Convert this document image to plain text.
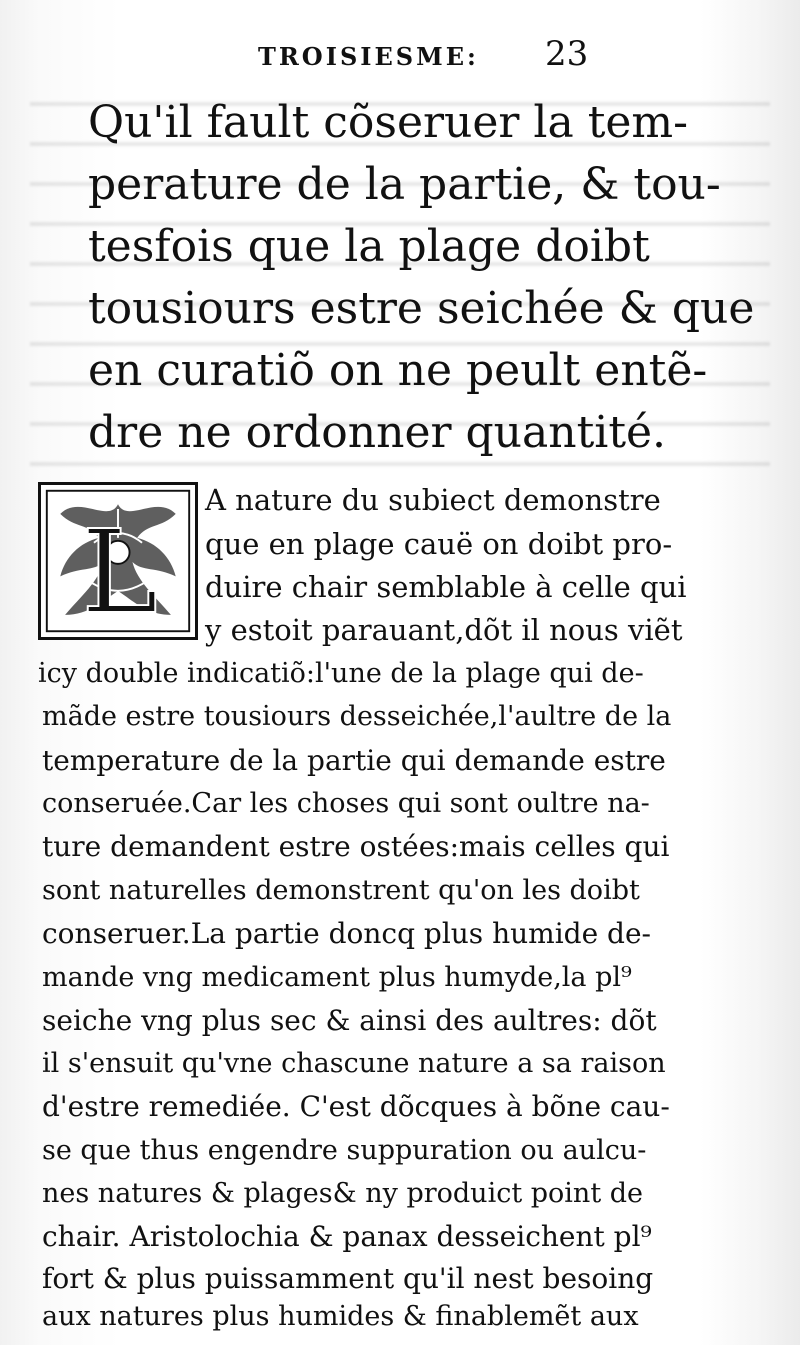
TROISIESME: 23
Qu'il fault cõseruer la tem-
perature de la partie, & tou-
tesfois que la plage doibt
tousiours estre seichée & que
en curatiõ on ne peult entẽ-
dre ne ordonner quantité.
L
A nature du subiect demonstre
que en plage cauë on doibt pro-
duire chair semblable à celle qui
y estoit parauant,dõt il nous viẽt
icy double indicatiõ:l'une de la plage qui de-
mãde estre tousiours desseichée,l'aultre de la
temperature de la partie qui demande estre
conseruée.Car les choses qui sont oultre na-
ture demandent estre ostées:mais celles qui
sont naturelles demonstrent qu'on les doibt
conseruer.La partie doncq plus humide de-
mande vng medicament plus humyde,la pl⁹
seiche vng plus sec & ainsi des aultres: dõt
il s'ensuit qu'vne chascune nature a sa raison
d'estre remediée. C'est dõcques à bõne cau-
se que thus engendre suppuration ou aulcu-
nes natures & plages& ny produict point de
chair. Aristolochia & panax desseichent pl⁹
fort & plus puissamment qu'il nest besoing
aux natures plus humides & finablemẽt aux
